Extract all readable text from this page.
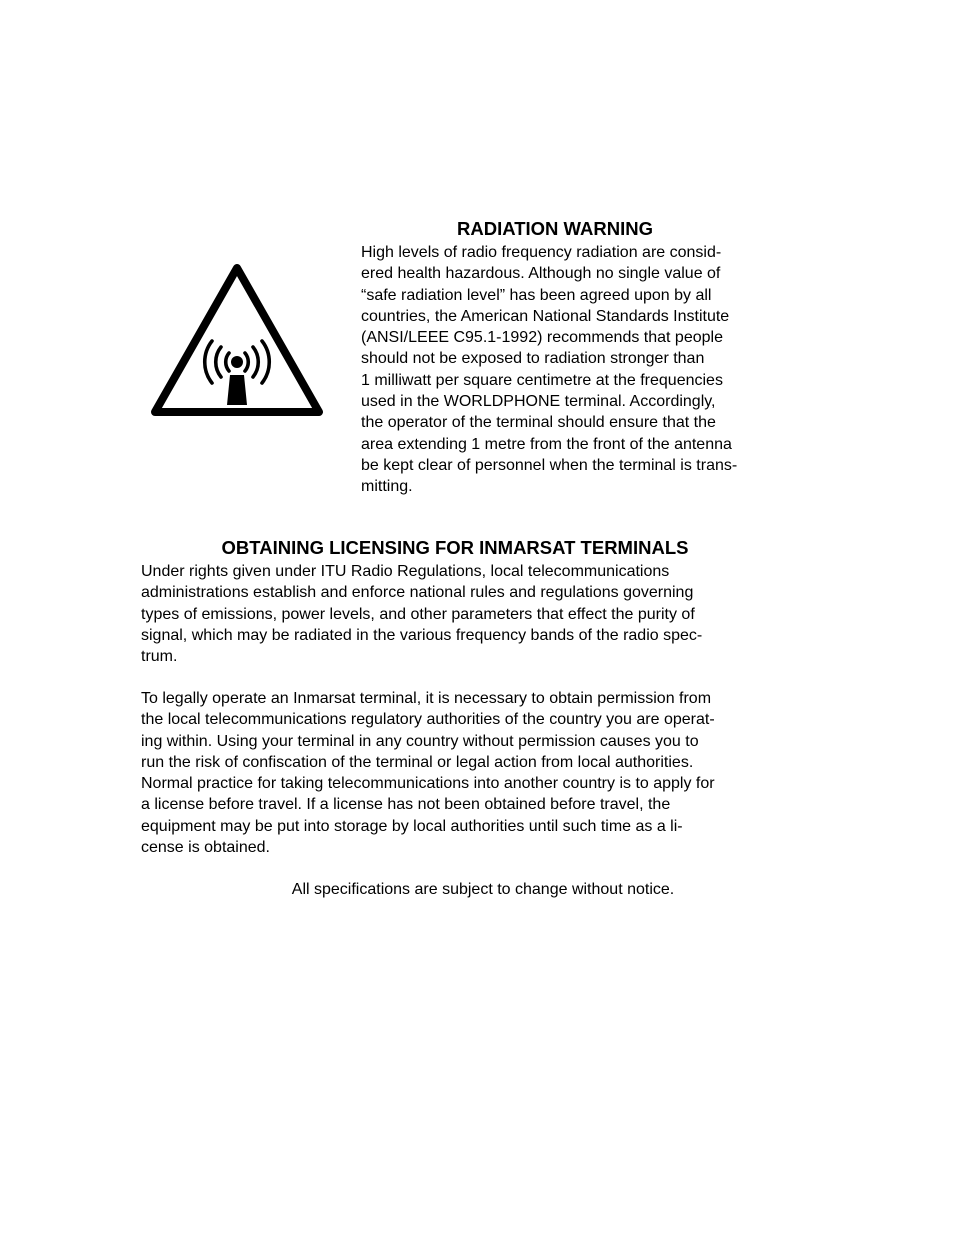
RADIATION WARNING

High levels of radio frequency radiation are consid-
ered health hazardous. Although no single value of
“safe radiation level” has been agreed upon by all
countries, the American National Standards Institute
(ANSI/LEEE C95.1-1992) recommends that people
should not be exposed to radiation stronger than
1 milliwatt per square centimetre at the frequencies
used in the WORLDPHONE terminal. Accordingly,
the operator of the terminal should ensure that the
area extending 1 metre from the front of the antenna
be kept clear of personnel when the terminal is trans-
mitting.

OBTAINING LICENSING FOR INMARSAT TERMINALS

Under rights given under ITU Radio Regulations, local telecommunications
administrations establish and enforce national rules and regulations governing
types of emissions, power levels, and other parameters that effect the purity of
signal, which may be radiated in the various frequency bands of the radio spec-
trum.

To legally operate an Inmarsat terminal, it is necessary to obtain permission from
the local telecommunications regulatory authorities of the country you are operat-
ing within. Using your terminal in any country without permission causes you to
run the risk of confiscation of the terminal or legal action from local authorities.
Normal practice for taking telecommunications into another country is to apply for
a license before travel. If a license has not been obtained before travel, the
equipment may be put into storage by local authorities until such time as a li-
cense is obtained.

All specifications are subject to change without notice.
